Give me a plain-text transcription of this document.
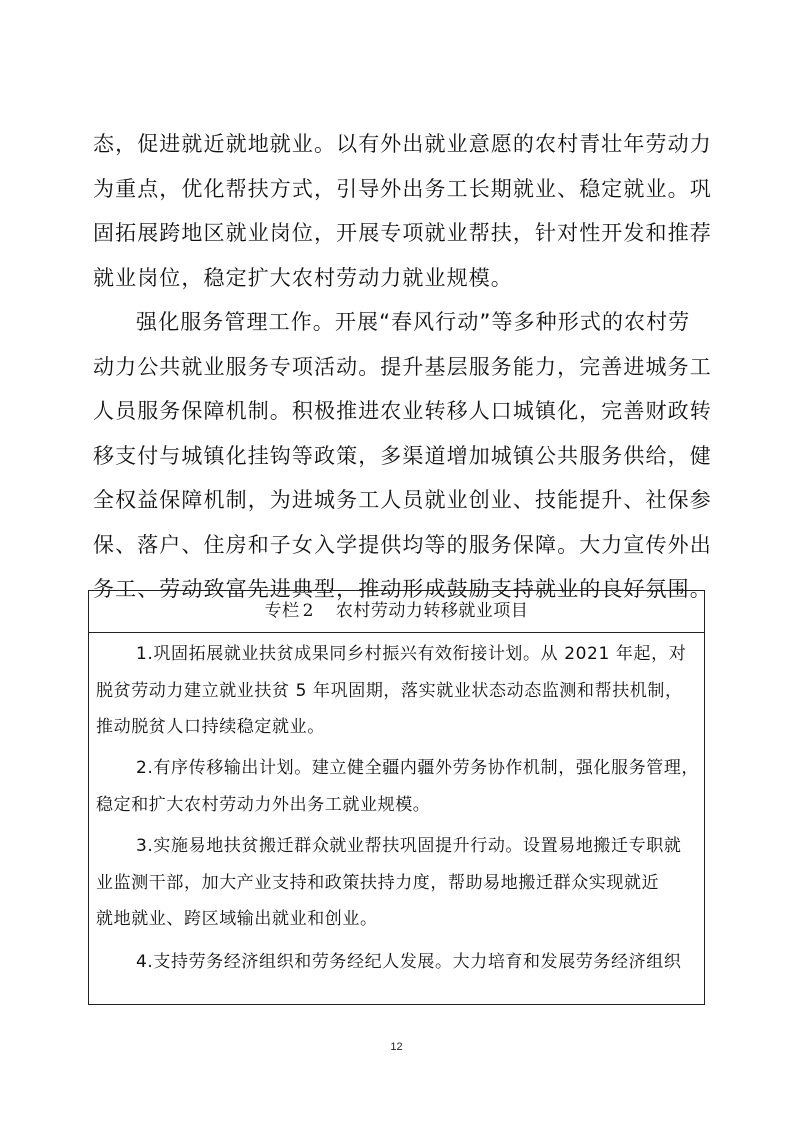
态，促进就近就地就业。以有外出就业意愿的农村青壮年劳动力
为重点，优化帮扶方式，引导外出务工长期就业、稳定就业。巩
固拓展跨地区就业岗位，开展专项就业帮扶，针对性开发和推荐
就业岗位，稳定扩大农村劳动力就业规模。
强化服务管理工作。开展“春风行动”等多种形式的农村劳
动力公共就业服务专项活动。提升基层服务能力，完善进城务工
人员服务保障机制。积极推进农业转移人口城镇化，完善财政转
移支付与城镇化挂钩等政策，多渠道增加城镇公共服务供给，健
全权益保障机制，为进城务工人员就业创业、技能提升、社保参
保、落户、住房和子女入学提供均等的服务保障。大力宣传外出
务工、劳动致富先进典型，推动形成鼓励支持就业的良好氛围。
专栏 2 农村劳动力转移就业项目
1.巩固拓展就业扶贫成果同乡村振兴有效衔接计划。从 2021 年起，对
脱贫劳动力建立就业扶贫 5 年巩固期，落实就业状态动态监测和帮扶机制，
推动脱贫人口持续稳定就业。
2.有序传移输出计划。建立健全疆内疆外劳务协作机制，强化服务管理，
稳定和扩大农村劳动力外出务工就业规模。
3.实施易地扶贫搬迁群众就业帮扶巩固提升行动。设置易地搬迁专职就
业监测干部，加大产业支持和政策扶持力度，帮助易地搬迁群众实现就近
就地就业、跨区域输出就业和创业。
4.支持劳务经济组织和劳务经纪人发展。大力培育和发展劳务经济组织
12
